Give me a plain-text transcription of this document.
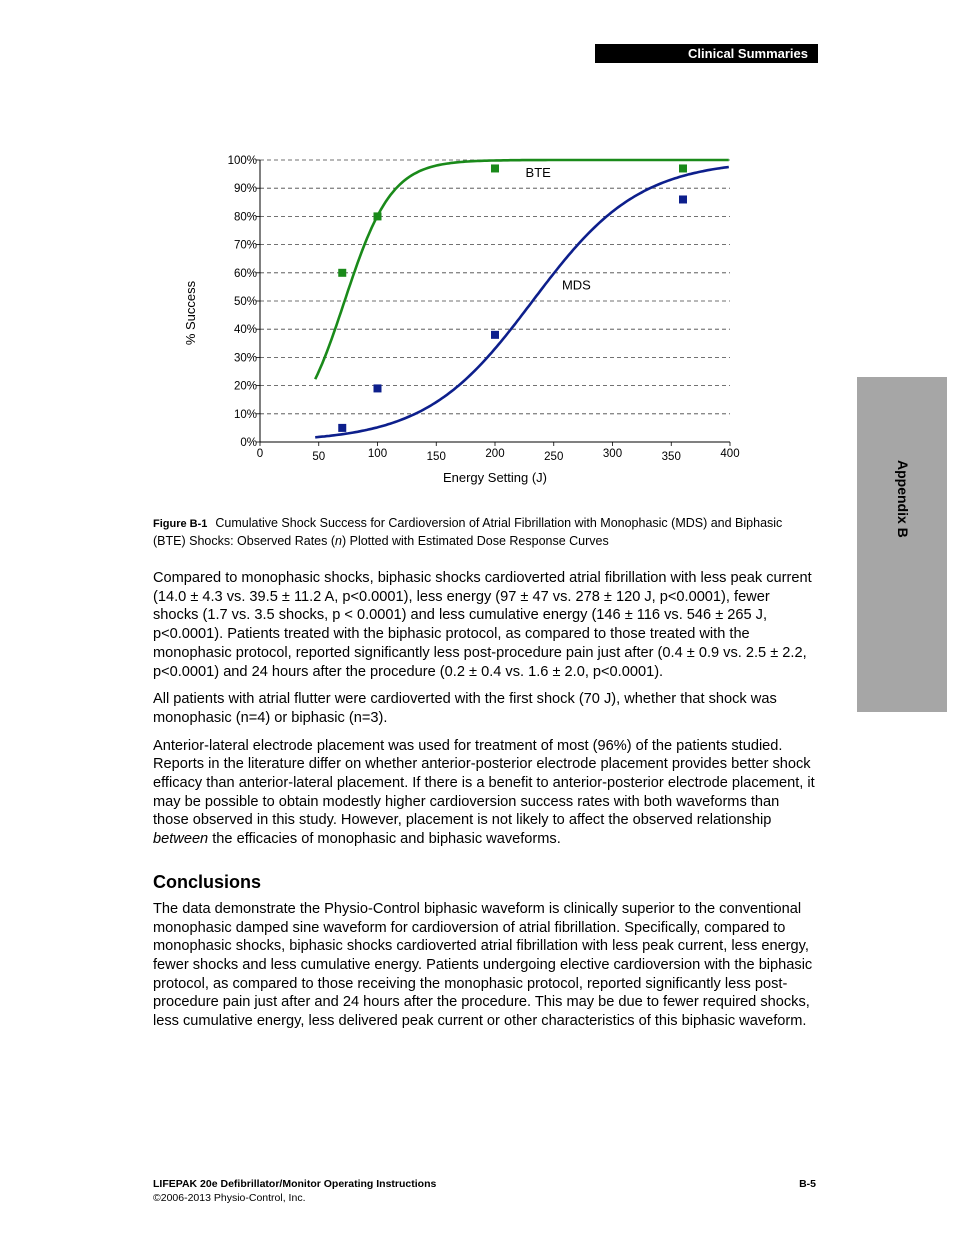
Clinical Summaries
Appendix B
0%
10%
20%
30%
40%
50%
60%
70%
80%
90%
100%
0	50	100	150	200	250	300	350	400
Energy Setting (J)
% Success
BTE
MDS
Figure B-1 Cumulative Shock Success for Cardioversion of Atrial Fibrillation with Monophasic (MDS) and Biphasic (BTE) Shocks: Observed Rates (n) Plotted with Estimated Dose Response Curves

Compared to monophasic shocks, biphasic shocks cardioverted atrial fibrillation with less peak current (14.0 ± 4.3 vs. 39.5 ± 11.2 A, p<0.0001), less energy (97 ± 47 vs. 278 ± 120 J, p<0.0001), fewer shocks (1.7 vs. 3.5 shocks, p < 0.0001) and less cumulative energy (146 ± 116 vs. 546 ± 265 J, p<0.0001). Patients treated with the biphasic protocol, as compared to those treated with the monophasic protocol, reported significantly less post-procedure pain just after (0.4 ± 0.9 vs. 2.5 ± 2.2, p<0.0001) and 24 hours after the procedure (0.2 ± 0.4 vs. 1.6 ± 2.0, p<0.0001).

All patients with atrial flutter were cardioverted with the first shock (70 J), whether that shock was monophasic (n=4) or biphasic (n=3).

Anterior-lateral electrode placement was used for treatment of most (96%) of the patients studied. Reports in the literature differ on whether anterior-posterior electrode placement provides better shock efficacy than anterior-lateral placement. If there is a benefit to anterior-posterior electrode placement, it may be possible to obtain modestly higher cardioversion success rates with both waveforms than those observed in this study. However, placement is not likely to affect the observed relationship between the efficacies of monophasic and biphasic waveforms.

Conclusions

The data demonstrate the Physio-Control biphasic waveform is clinically superior to the conventional monophasic damped sine waveform for cardioversion of atrial fibrillation. Specifically, compared to monophasic shocks, biphasic shocks cardioverted atrial fibrillation with less peak current, less energy, fewer shocks and less cumulative energy. Patients undergoing elective cardioversion with the biphasic protocol, as compared to those receiving the monophasic protocol, reported significantly less post-procedure pain just after and 24 hours after the procedure. This may be due to fewer required shocks, less cumulative energy, less delivered peak current or other characteristics of this biphasic waveform.

LIFEPAK 20e Defibrillator/Monitor Operating Instructions
©2006-2013 Physio-Control, Inc.
B-5
